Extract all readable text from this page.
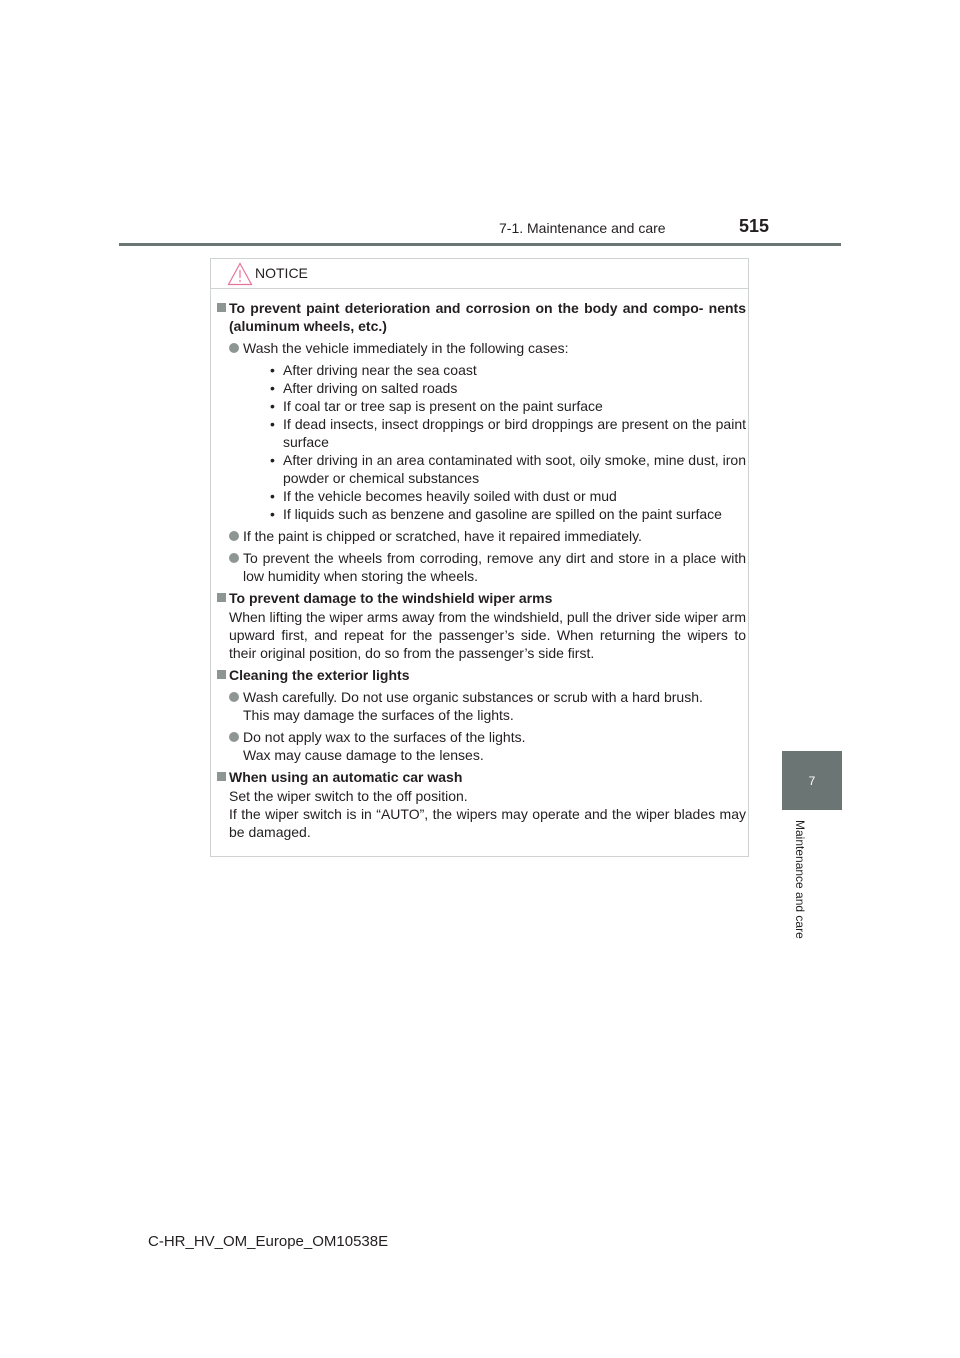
7-1. Maintenance and care	515
7
Maintenance and care
NOTICE
To prevent paint deterioration and corrosion on the body and compo- nents (aluminum wheels, etc.)
Wash the vehicle immediately in the following cases:
• After driving near the sea coast
• After driving on salted roads
• If coal tar or tree sap is present on the paint surface
• If dead insects, insect droppings or bird droppings are present on the paint surface
• After driving in an area contaminated with soot, oily smoke, mine dust, iron powder or chemical substances
• If the vehicle becomes heavily soiled with dust or mud
• If liquids such as benzene and gasoline are spilled on the paint surface
If the paint is chipped or scratched, have it repaired immediately.
To prevent the wheels from corroding, remove any dirt and store in a place with low humidity when storing the wheels.
To prevent damage to the windshield wiper arms
When lifting the wiper arms away from the windshield, pull the driver side wiper arm upward first, and repeat for the passenger’s side. When returning the wipers to their original position, do so from the passenger’s side first.
Cleaning the exterior lights
Wash carefully. Do not use organic substances or scrub with a hard brush.
This may damage the surfaces of the lights.
Do not apply wax to the surfaces of the lights.
Wax may cause damage to the lenses.
When using an automatic car wash
Set the wiper switch to the off position.
If the wiper switch is in “AUTO”, the wipers may operate and the wiper blades may be damaged.
C-HR_HV_OM_Europe_OM10538E
